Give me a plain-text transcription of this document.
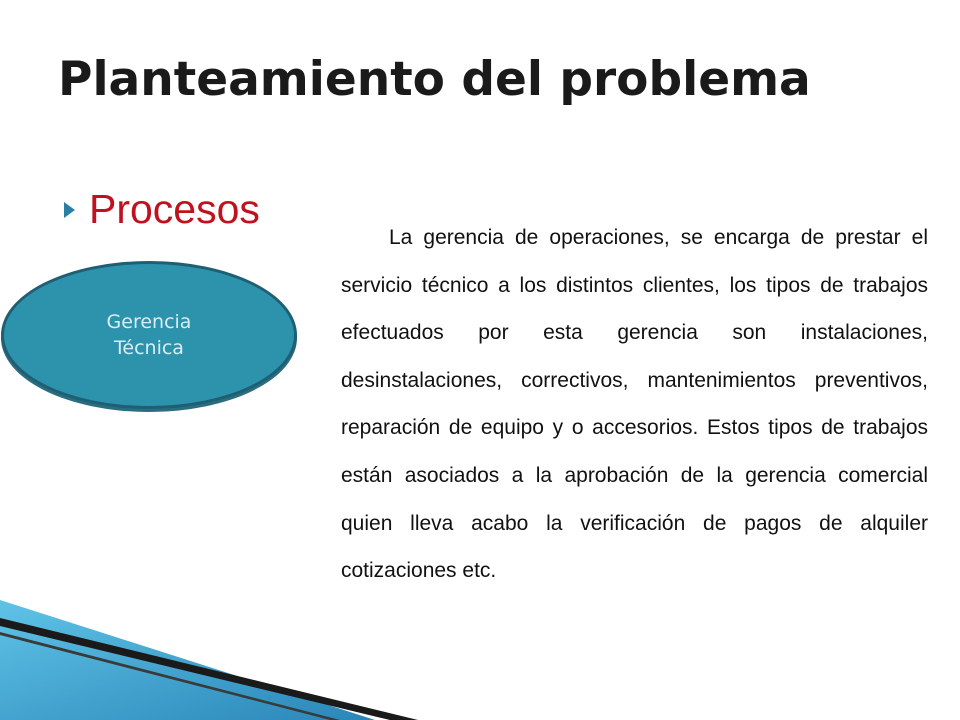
Planteamiento del problema
Procesos
Gerencia
Técnica

La gerencia de operaciones, se encarga de prestar el servicio técnico a los distintos clientes, los tipos de trabajos efectuados por esta gerencia son instalaciones, desinstalaciones, correctivos, mantenimientos preventivos, reparación de equipo y o accesorios. Estos tipos de trabajos están asociados a la aprobación de la gerencia comercial quien lleva acabo la verificación de pagos de alquiler cotizaciones etc.
